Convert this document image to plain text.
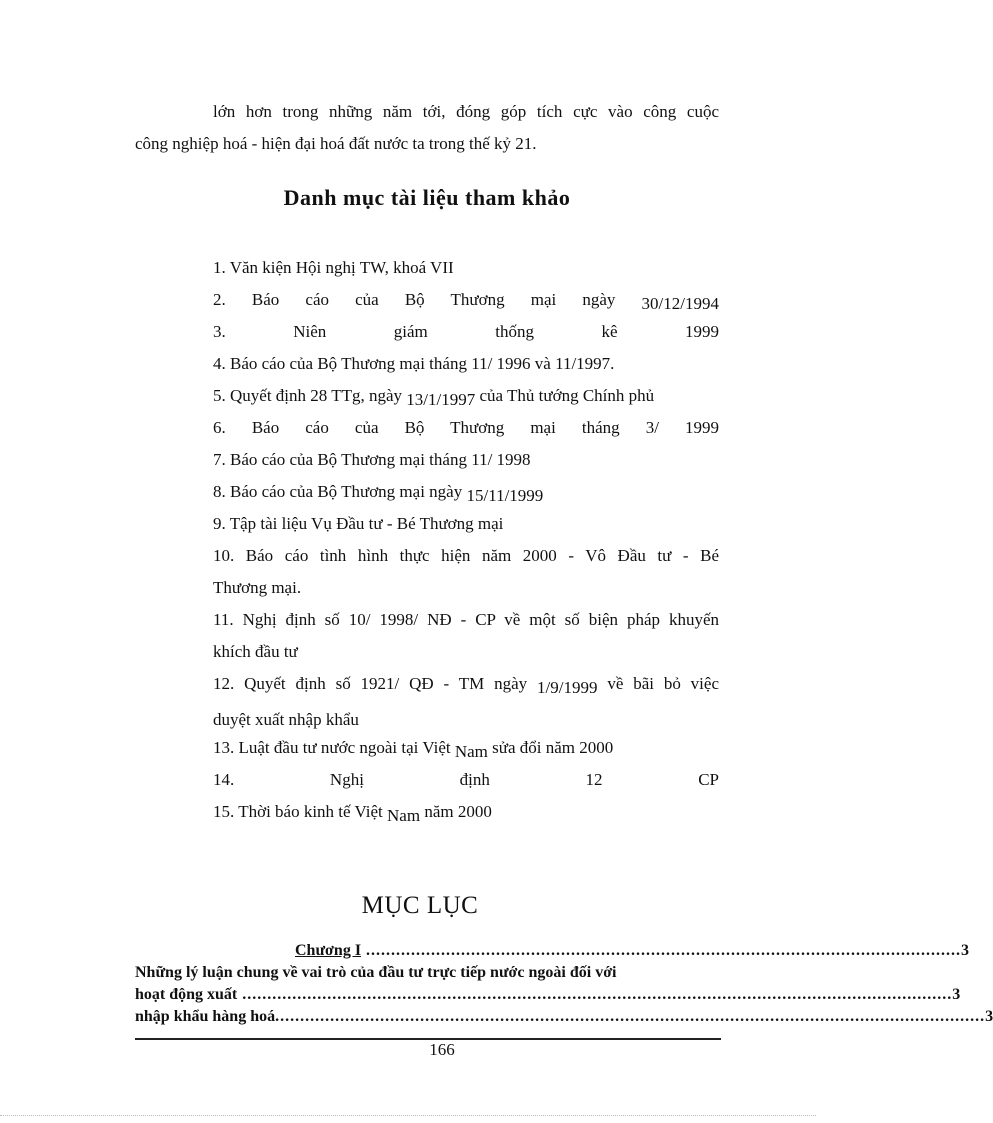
lớn hơn trong những năm tới, đóng góp tích cực vào công cuộc
công nghiệp hoá - hiện đại hoá đất nước ta trong thế kỷ 21.
Danh mục tài liệu tham khảo
1. Văn kiện Hội nghị TW, khoá VII
2. Báo cáo của Bộ Thương mại ngày 30/12/1994
3. Niên giám thống kê 1999
4. Báo cáo của Bộ Thương mại tháng 11/ 1996 và 11/1997.
5. Quyết định 28 TTg, ngày 13/1/1997 của Thủ tướng Chính phủ
6. Báo cáo của Bộ Thương mại tháng 3/ 1999
7. Báo cáo của Bộ Thương mại tháng 11/ 1998
8. Báo cáo của Bộ Thương mại ngày 15/11/1999
9. Tập tài liệu Vụ Đầu tư - Bé Thương mại
10. Báo cáo tình hình thực hiện năm 2000 - Vô Đầu tư - Bé
Thương mại.
11. Nghị định số 10/ 1998/ NĐ - CP về một số biện pháp khuyến
khích đầu tư
12. Quyết định số 1921/ QĐ - TM ngày 1/9/1999 về bãi bỏ việc
duyệt xuất nhập khẩu
13. Luật đầu tư nước ngoài tại Việt Nam sửa đổi năm 2000
14. Nghị định 12 CP
15. Thời báo kinh tế Việt Nam năm 2000
MỤC LỤC
Chương I ....................................................................................................................... 3
Những lý luận chung về vai trò của đầu tư trực tiếp nước ngoài đối với
hoạt động xuất .............................................................................................................................................. 3
nhập khẩu hàng hoá .............................................................................................................................................. 3
166
